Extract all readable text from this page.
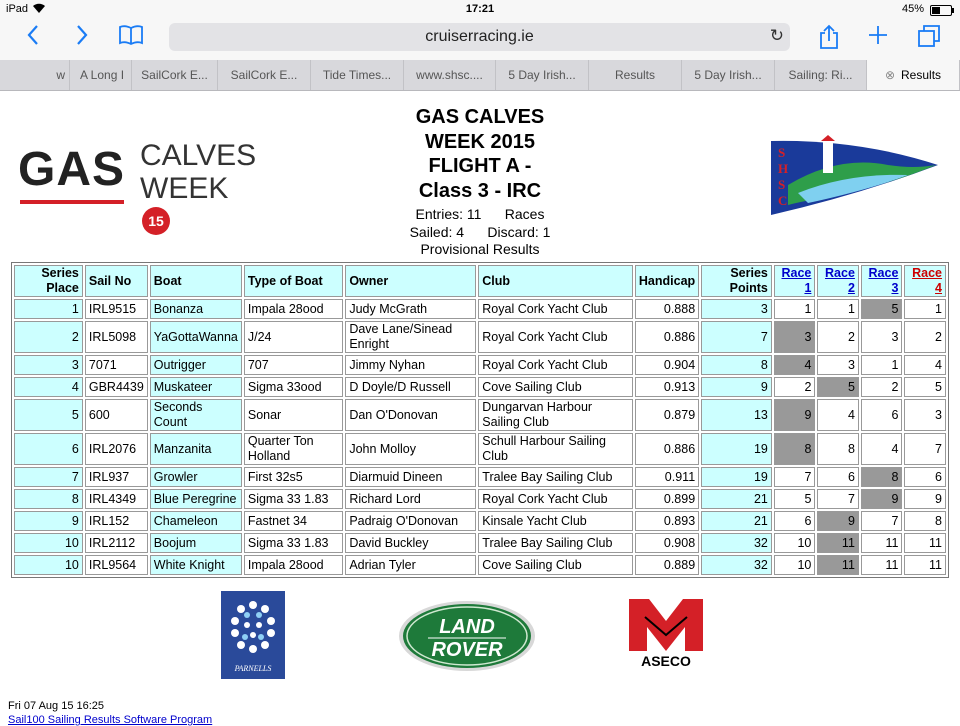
iPad	17:21	45%
cruiserracing.ie	↻
w	A Long I	SailCork E...	SailCork E...	Tide Times...	www.shsc....	5 Day Irish...	Results	5 Day Irish...	Sailing: Ri...	⊗ Results
GAS CALVES
WEEK15
GAS CALVES
WEEK 2015
FLIGHT A -
Class 3 - IRC
Entries: 11      Races
Sailed: 4      Discard: 1
Provisional Results
S
H
S
C
Series Place	Sail No	Boat	Type of Boat	Owner	Club	Handicap	Series Points	Race 1	Race 2	Race 3	Race 4
1	IRL9515	Bonanza	Impala 28ood	Judy McGrath	Royal Cork Yacht Club	0.888	3	1	1	5	1
2	IRL5098	YaGottaWanna	J/24	Dave Lane/Sinead Enright	Royal Cork Yacht Club	0.886	7	3	2	3	2
3	7071	Outrigger	707	Jimmy Nyhan	Royal Cork Yacht Club	0.904	8	4	3	1	4
4	GBR4439	Muskateer	Sigma 33ood	D Doyle/D Russell	Cove Sailing Club	0.913	9	2	5	2	5
5	600	Seconds Count	Sonar	Dan O'Donovan	Dungarvan Harbour Sailing Club	0.879	13	9	4	6	3
6	IRL2076	Manzanita	Quarter Ton Holland	John Molloy	Schull Harbour Sailing Club	0.886	19	8	8	4	7
7	IRL937	Growler	First 32s5	Diarmuid Dineen	Tralee Bay Sailing Club	0.911	19	7	6	8	6
8	IRL4349	Blue Peregrine	Sigma 33 1.83	Richard Lord	Royal Cork Yacht Club	0.899	21	5	7	9	9
9	IRL152	Chameleon	Fastnet 34	Padraig O'Donovan	Kinsale Yacht Club	0.893	21	6	9	7	8
10	IRL2112	Boojum	Sigma 33 1.83	David Buckley	Tralee Bay Sailing Club	0.908	32	10	11	11	11
10	IRL9564	White Knight	Impala 28ood	Adrian Tyler	Cove Sailing Club	0.889	32	10	11	11	11
PARNELLS
LAND
ROVER	ASECO
Fri 07 Aug 15 16:25
Sail100 Sailing Results Software Program
